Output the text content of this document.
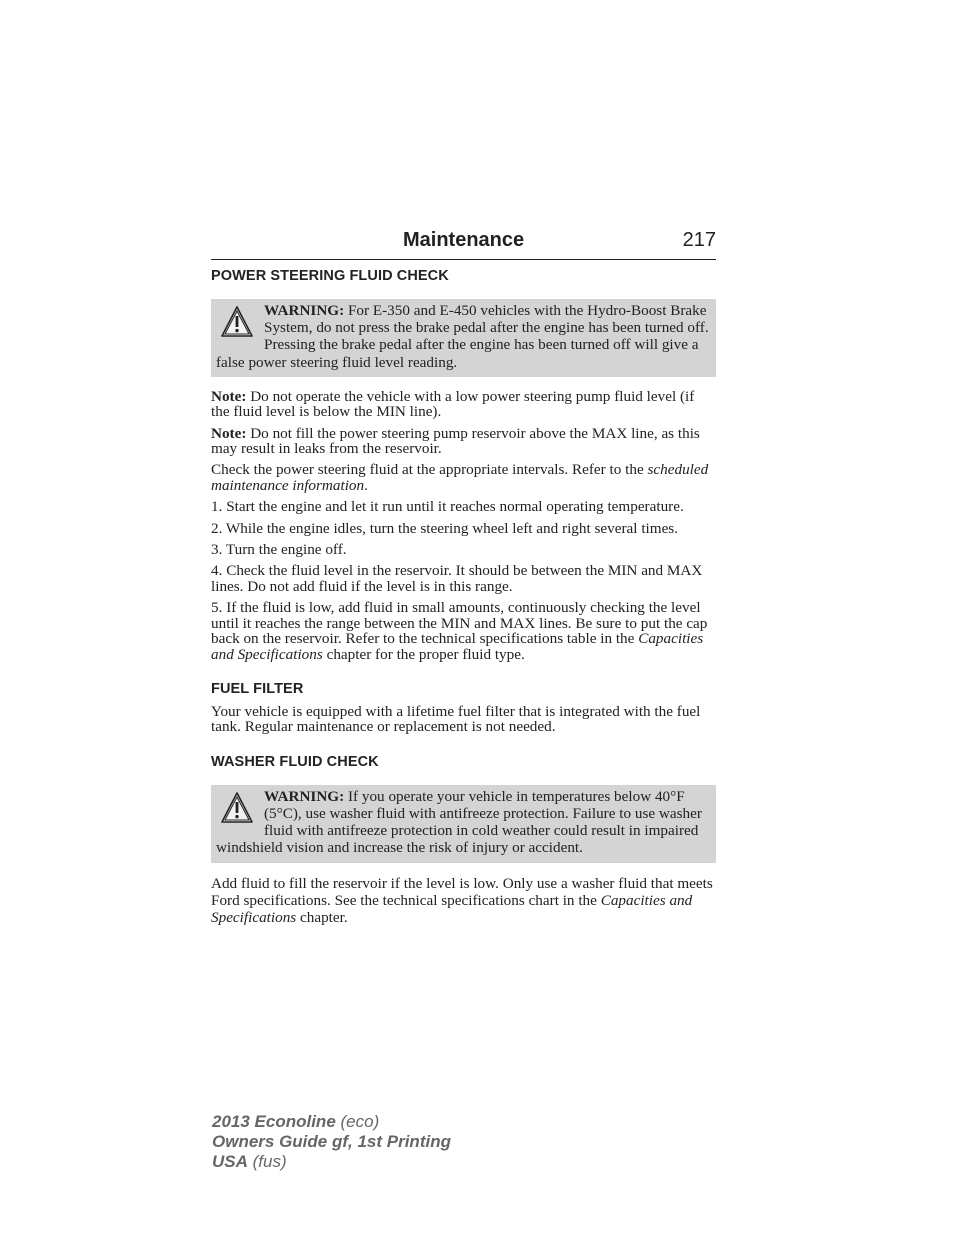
Maintenance	217
POWER STEERING FLUID CHECK
WARNING: For E-350 and E-450 vehicles with the Hydro-Boost Brake System, do not press the brake pedal after the engine has been turned off. Pressing the brake pedal after the engine has been turned off will give a false power steering fluid level reading.

Note: Do not operate the vehicle with a low power steering pump fluid level (if the fluid level is below the MIN line).

Note: Do not fill the power steering pump reservoir above the MAX line, as this may result in leaks from the reservoir.

Check the power steering fluid at the appropriate intervals. Refer to the scheduled maintenance information.

1. Start the engine and let it run until it reaches normal operating temperature.

2. While the engine idles, turn the steering wheel left and right several times.

3. Turn the engine off.

4. Check the fluid level in the reservoir. It should be between the MIN and MAX lines. Do not add fluid if the level is in this range.

5. If the fluid is low, add fluid in small amounts, continuously checking the level until it reaches the range between the MIN and MAX lines. Be sure to put the cap back on the reservoir. Refer to the technical specifications table in the Capacities and Specifications chapter for the proper fluid type.

FUEL FILTER

Your vehicle is equipped with a lifetime fuel filter that is integrated with the fuel tank. Regular maintenance or replacement is not needed.

WASHER FLUID CHECK
WARNING: If you operate your vehicle in temperatures below 40°F (5°C), use washer fluid with antifreeze protection. Failure to use washer fluid with antifreeze protection in cold weather could result in impaired windshield vision and increase the risk of injury or accident.

Add fluid to fill the reservoir if the level is low. Only use a washer fluid that meets Ford specifications. See the technical specifications chart in the Capacities and Specifications chapter.

2013 Econoline (eco)
Owners Guide gf, 1st Printing
USA (fus)
